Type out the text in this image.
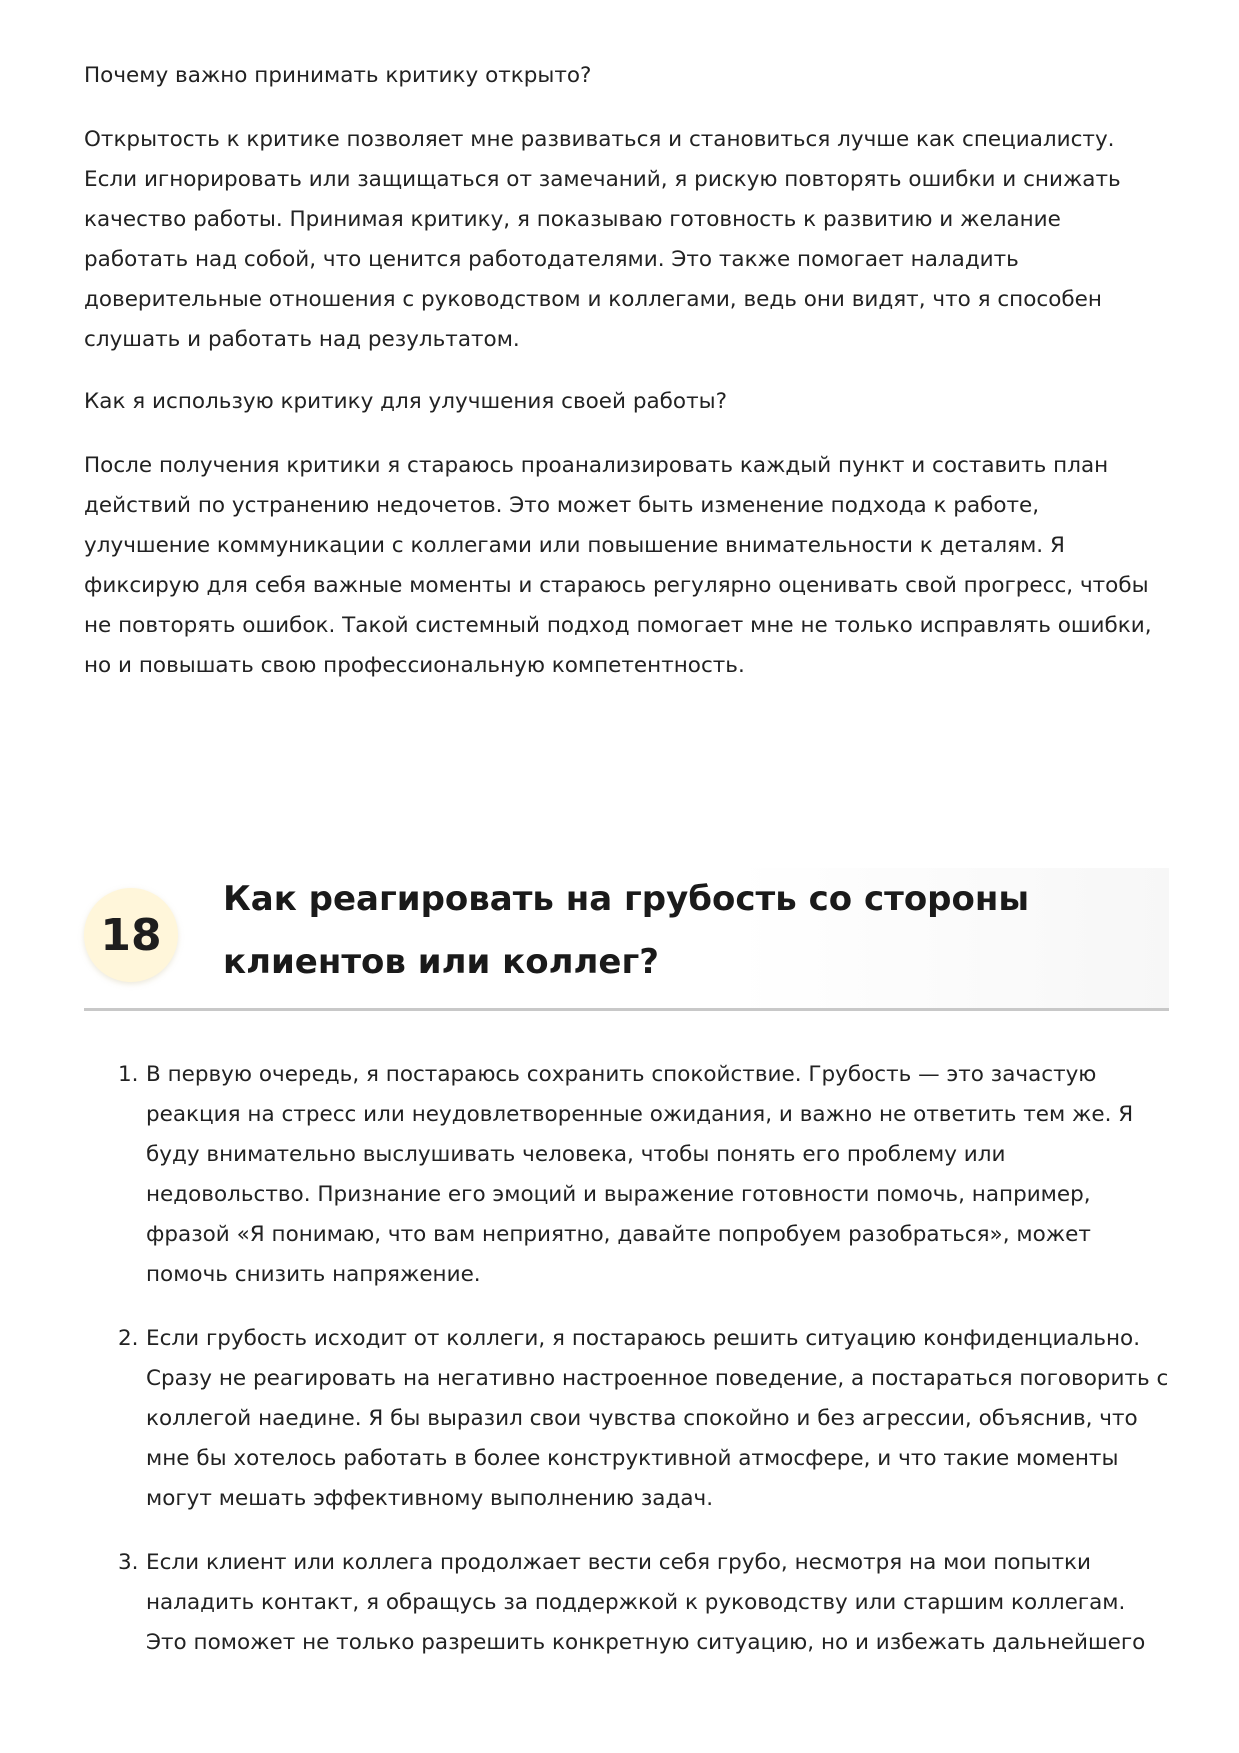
Почему важно принимать критику открыто?

Открытость к критике позволяет мне развиваться и становиться лучше как специалисту. Если игнорировать или защищаться от замечаний, я рискую повторять ошибки и снижать качество работы. Принимая критику, я показываю готовность к развитию и желание работать над собой, что ценится работодателями. Это также помогает наладить доверительные отношения с руководством и коллегами, ведь они видят, что я способен слушать и работать над результатом.

Как я использую критику для улучшения своей работы?

После получения критики я стараюсь проанализировать каждый пункт и составить план действий по устранению недочетов. Это может быть изменение подхода к работе, улучшение коммуникации с коллегами или повышение внимательности к деталям. Я фиксирую для себя важные моменты и стараюсь регулярно оценивать свой прогресс, чтобы не повторять ошибок. Такой системный подход помогает мне не только исправлять ошибки, но и повышать свою профессиональную компетентность.

18
Как реагировать на грубость со стороны клиентов или коллег?
1. В первую очередь, я постараюсь сохранить спокойствие. Грубость — это зачастую реакция на стресс или неудовлетворенные ожидания, и важно не ответить тем же. Я буду внимательно выслушивать человека, чтобы понять его проблему или недовольство. Признание его эмоций и выражение готовности помочь, например, фразой «Я понимаю, что вам неприятно, давайте попробуем разобраться», может помочь снизить напряжение.
2. Если грубость исходит от коллеги, я постараюсь решить ситуацию конфиденциально. Сразу не реагировать на негативно настроенное поведение, а постараться поговорить с коллегой наедине. Я бы выразил свои чувства спокойно и без агрессии, объяснив, что мне бы хотелось работать в более конструктивной атмосфере, и что такие моменты могут мешать эффективному выполнению задач.
3. Если клиент или коллега продолжает вести себя грубо, несмотря на мои попытки наладить контакт, я обращусь за поддержкой к руководству или старшим коллегам. Это поможет не только разрешить конкретную ситуацию, но и избежать дальнейшего
